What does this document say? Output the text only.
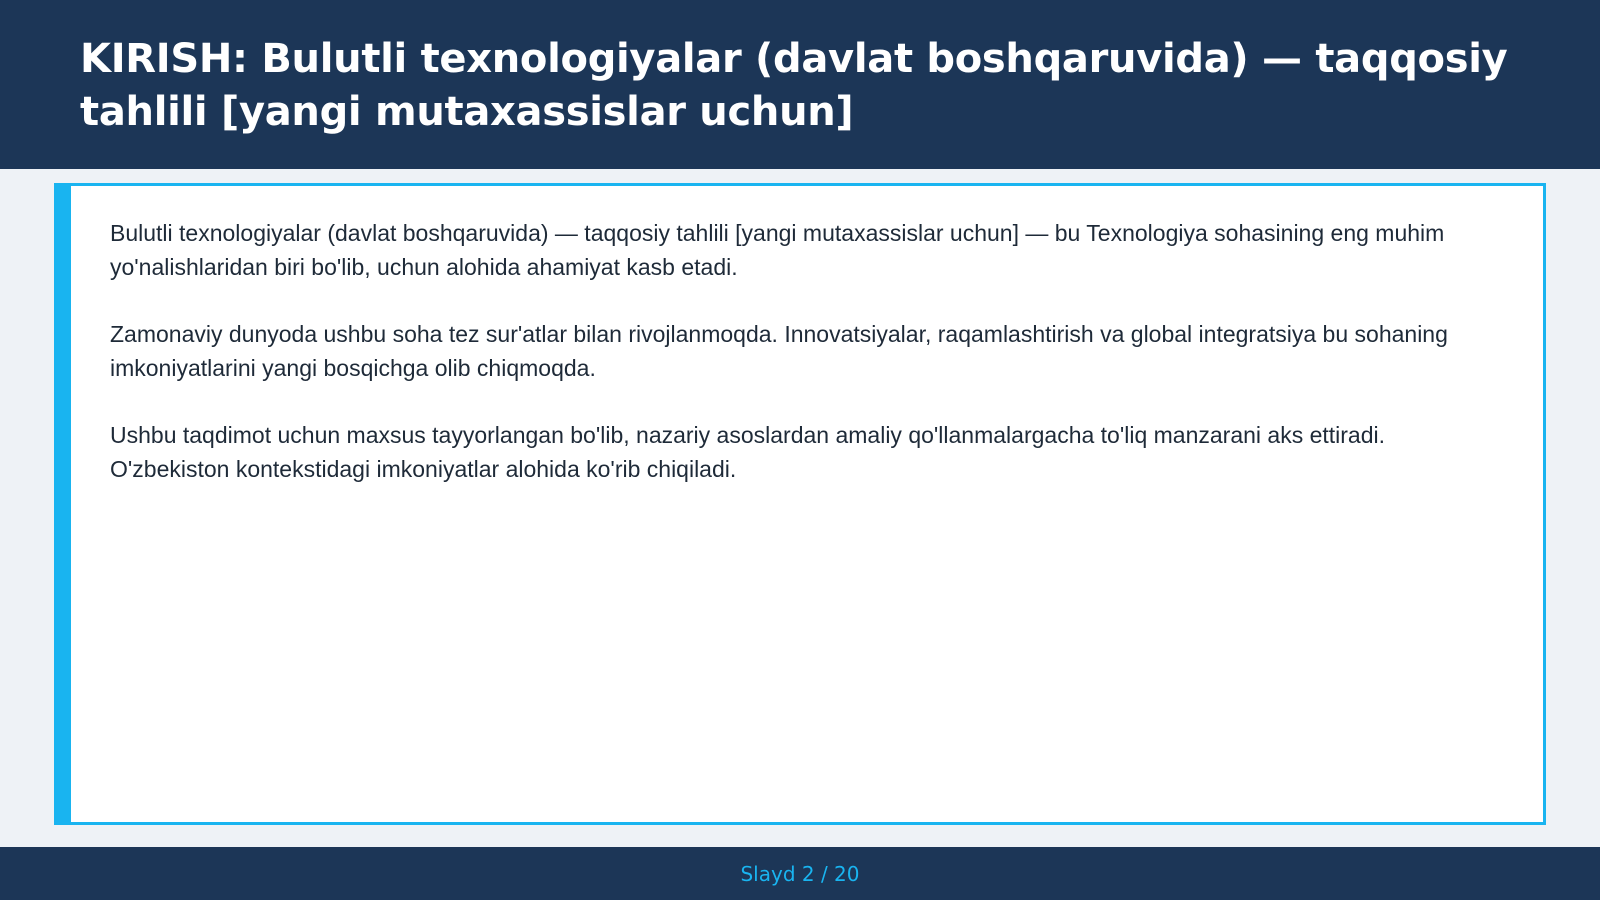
KIRISH: Bulutli texnologiyalar (davlat boshqaruvida) — taqqosiy tahlili [yangi mutaxassislar uchun]

Bulutli texnologiyalar (davlat boshqaruvida) — taqqosiy tahlili [yangi mutaxassislar uchun] — bu Texnologiya sohasining eng muhim yo'nalishlaridan biri bo'lib, uchun alohida ahamiyat kasb etadi.

Zamonaviy dunyoda ushbu soha tez sur'atlar bilan rivojlanmoqda. Innovatsiyalar, raqamlashtirish va global integratsiya bu sohaning imkoniyatlarini yangi bosqichga olib chiqmoqda.

Ushbu taqdimot uchun maxsus tayyorlangan bo'lib, nazariy asoslardan amaliy qo'llanmalargacha to'liq manzarani aks ettiradi. O'zbekiston kontekstidagi imkoniyatlar alohida ko'rib chiqiladi.

Slayd 2 / 20
